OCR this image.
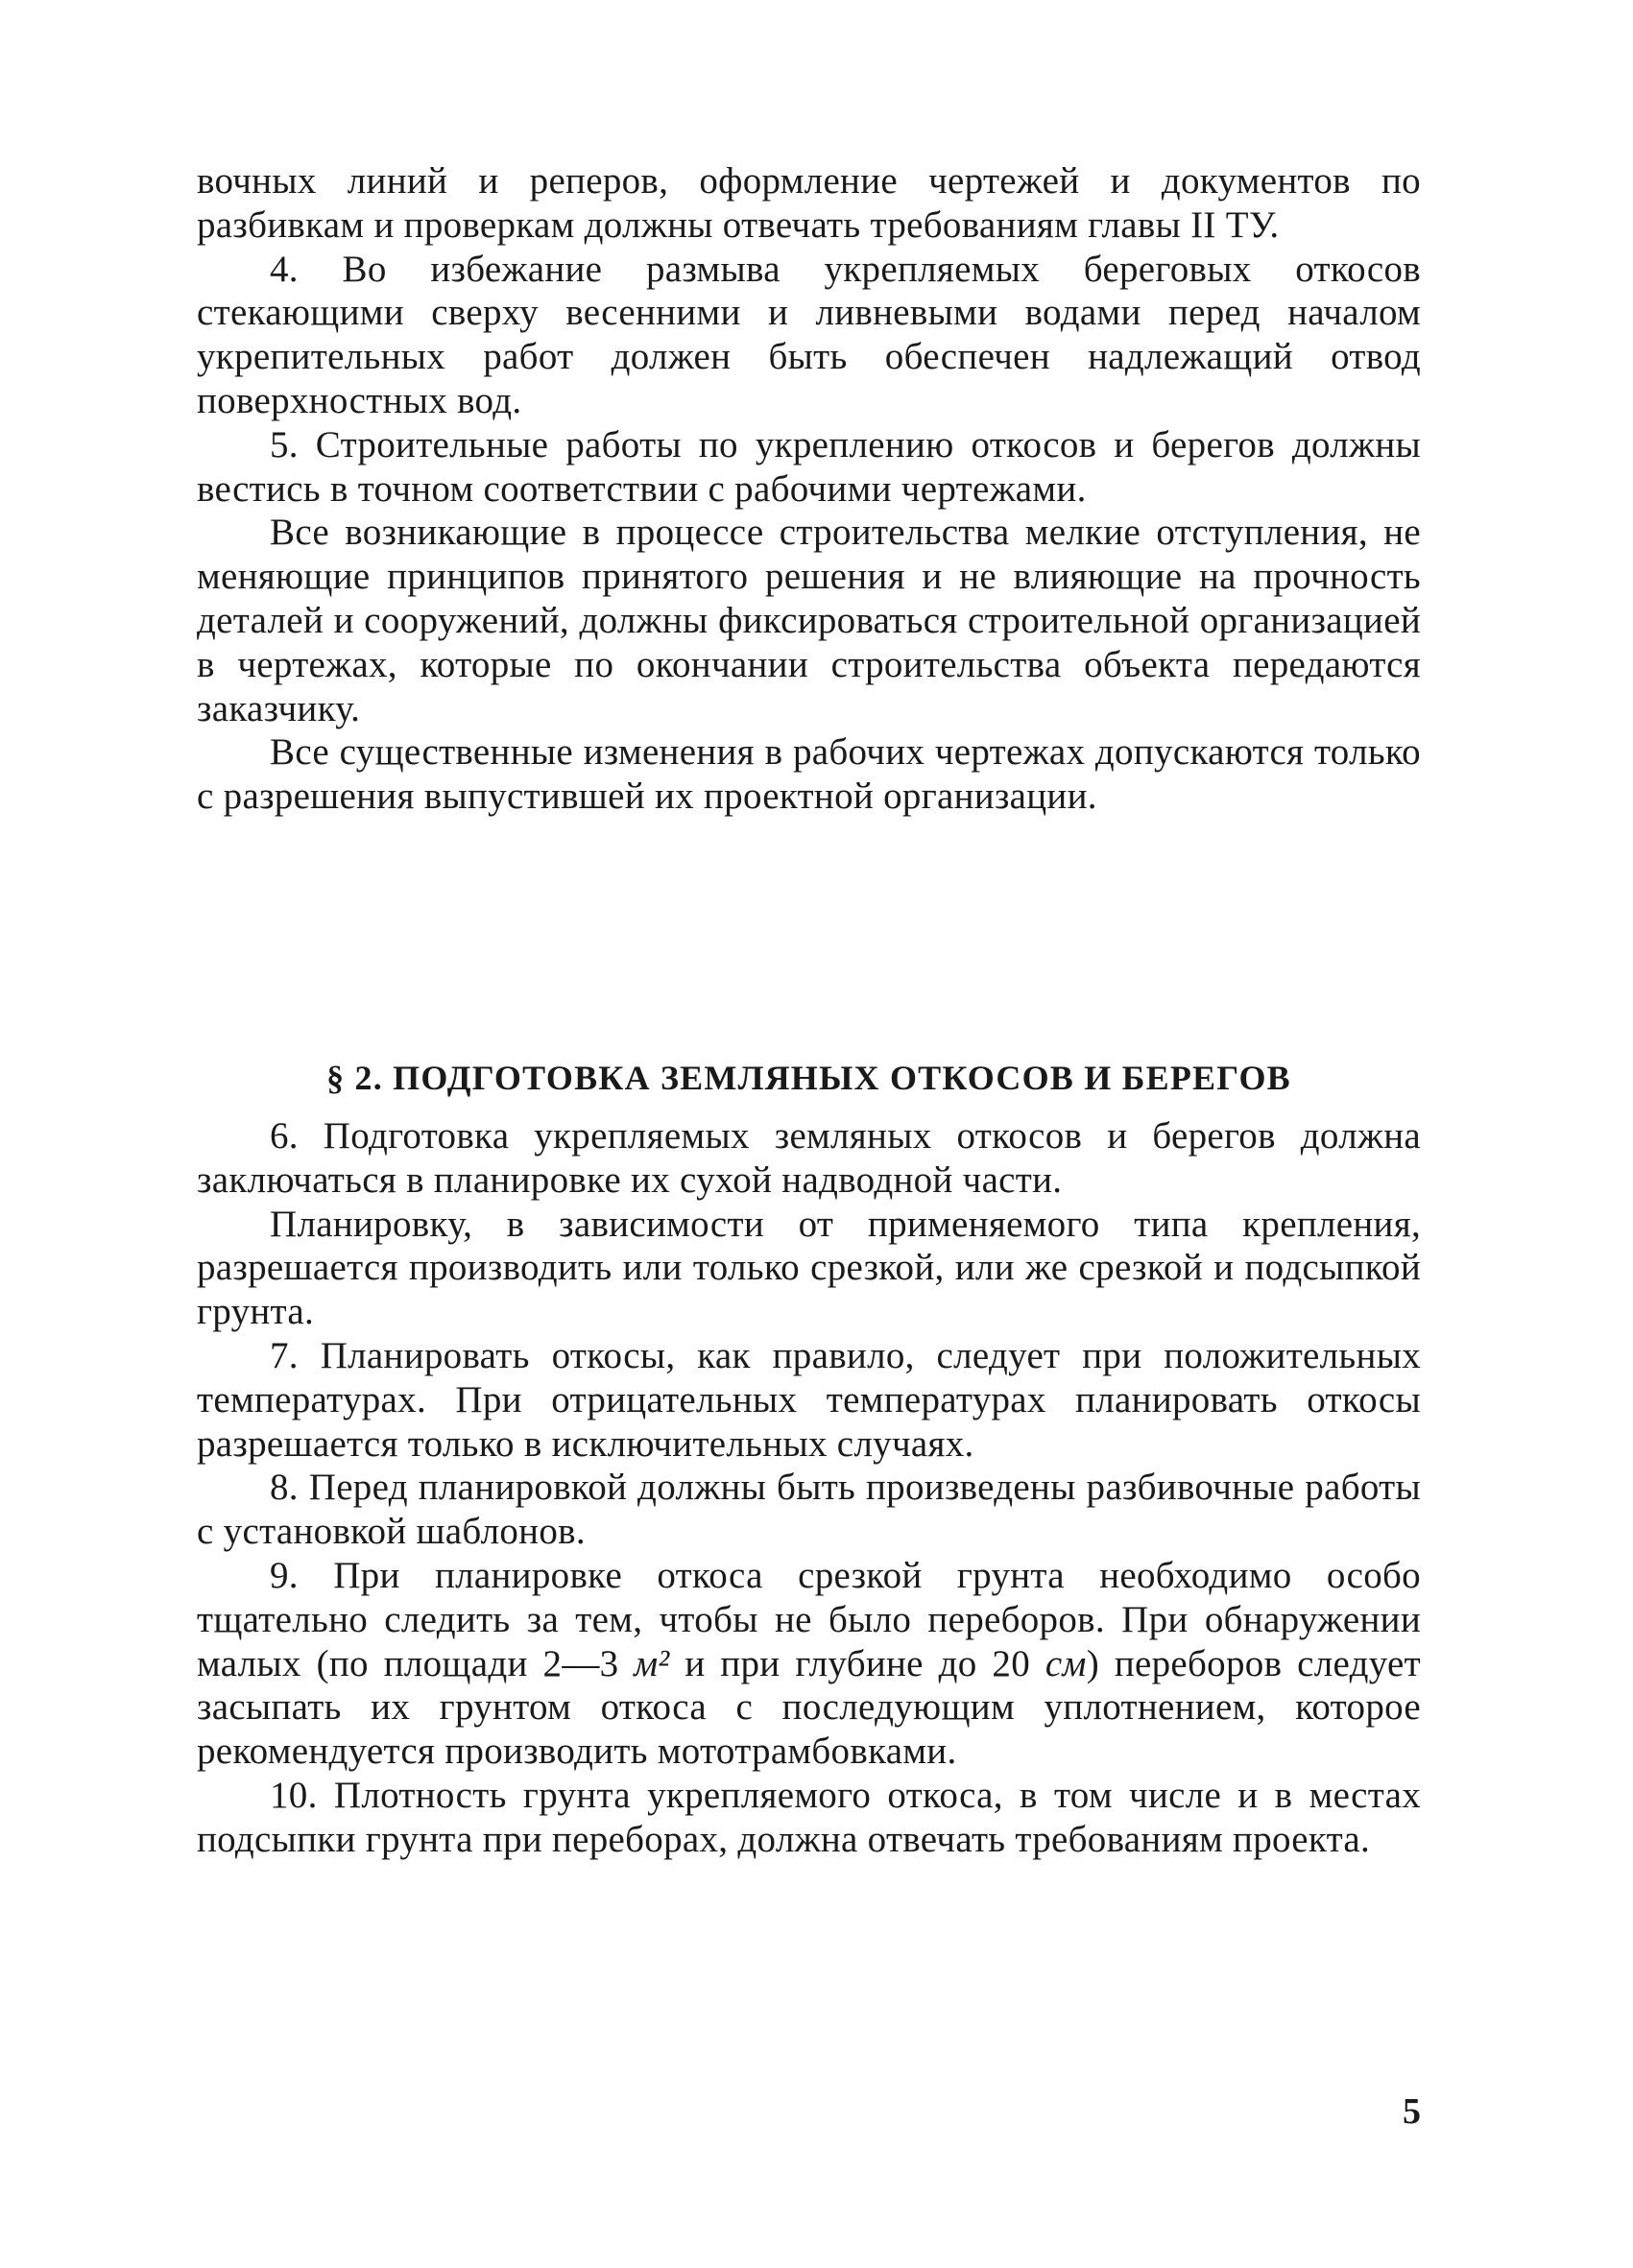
вочных линий и реперов, оформление чертежей и документов по разбивкам и проверкам должны отвечать требованиям главы II ТУ.

4. Во избежание размыва укрепляемых береговых откосов стекающими сверху весенними и ливневыми водами перед началом укрепительных работ должен быть обеспечен надлежащий отвод поверхностных вод.

5. Строительные работы по укреплению откосов и берегов должны вестись в точном соответствии с рабочими чертежами.

Все возникающие в процессе строительства мелкие отступления, не меняющие принципов принятого решения и не влияющие на прочность деталей и сооружений, должны фиксироваться строительной организацией в чертежах, которые по окончании строительства объекта передаются заказчику.

Все существенные изменения в рабочих чертежах допускаются только с разрешения выпустившей их проектной организации.

§ 2. ПОДГОТОВКА ЗЕМЛЯНЫХ ОТКОСОВ И БЕРЕГОВ

6. Подготовка укрепляемых земляных откосов и берегов должна заключаться в планировке их сухой надводной части.

Планировку, в зависимости от применяемого типа крепления, разрешается производить или только срезкой, или же срезкой и подсыпкой грунта.

7. Планировать откосы, как правило, следует при положительных температурах. При отрицательных температурах планировать откосы разрешается только в исключительных случаях.

8. Перед планировкой должны быть произведены разбивочные работы с установкой шаблонов.

9. При планировке откоса срезкой грунта необходимо особо тщательно следить за тем, чтобы не было переборов. При обнаружении малых (по площади 2—3 м² и при глубине до 20 см) переборов следует засыпать их грунтом откоса с последующим уплотнением, которое рекомендуется производить мототрамбовками.

10. Плотность грунта укрепляемого откоса, в том числе и в местах подсыпки грунта при переборах, должна отвечать требованиям проекта.

5
